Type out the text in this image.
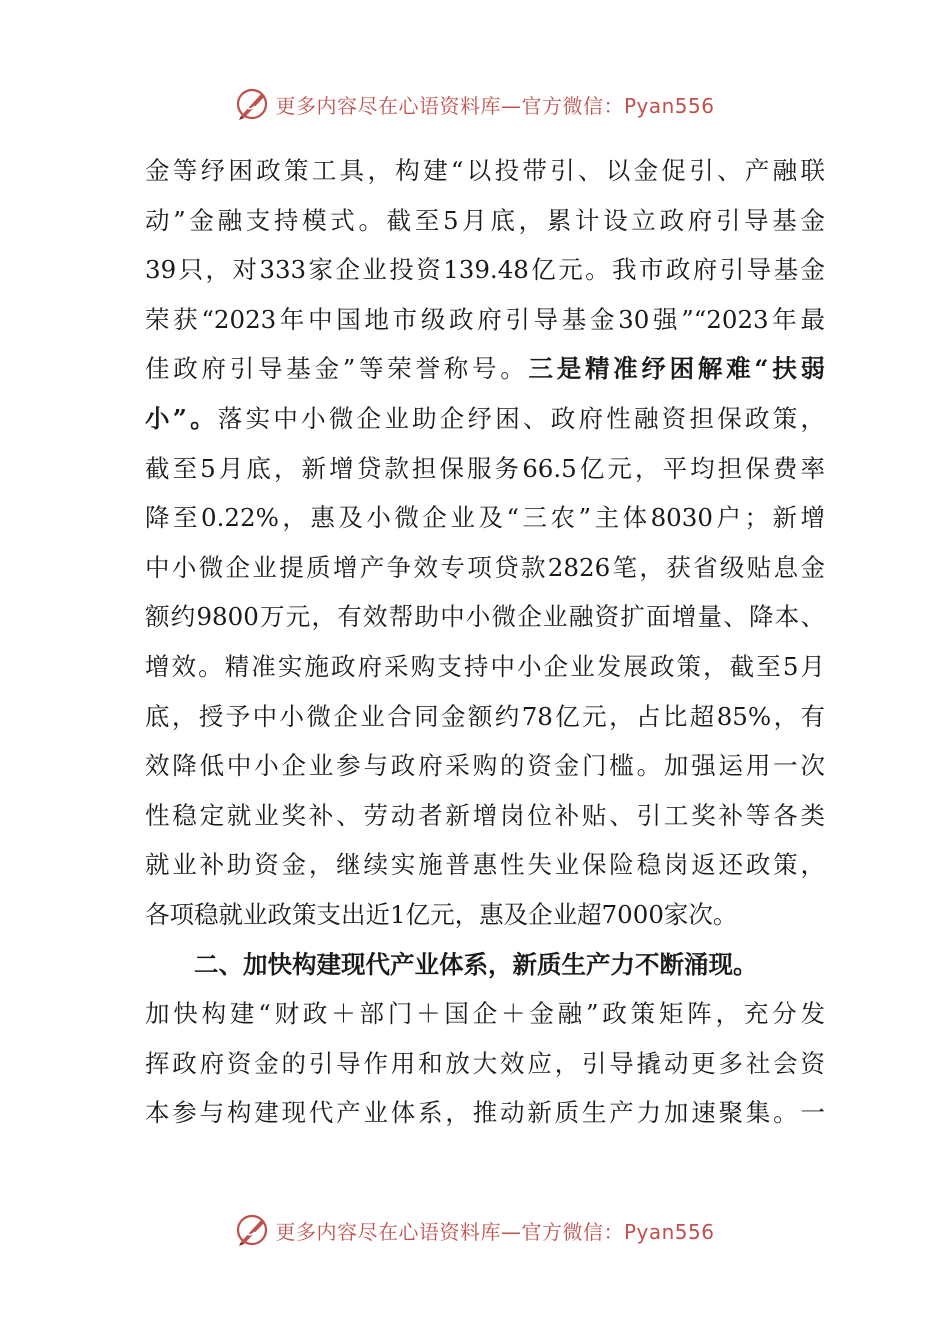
更多内容尽在心语资料库—官方微信：Pyan556
金等纾困政策工具，构建“以投带引、以金促引、产融联
动”金融支持模式。截至5月底，累计设立政府引导基金
39只，对333家企业投资139.48亿元。我市政府引导基金
荣获“2023年中国地市级政府引导基金30强”“2023年最
佳政府引导基金”等荣誉称号。三是精准纾困解难“扶弱
小”。落实中小微企业助企纾困、政府性融资担保政策，
截至5月底，新增贷款担保服务66.5亿元，平均担保费率
降至0.22%，惠及小微企业及“三农”主体8030户；新增
中小微企业提质增产争效专项贷款2826笔，获省级贴息金
额约9800万元，有效帮助中小微企业融资扩面增量、降本、
增效。精准实施政府采购支持中小企业发展政策，截至5月
底，授予中小微企业合同金额约78亿元，占比超85%，有
效降低中小企业参与政府采购的资金门槛。加强运用一次
性稳定就业奖补、劳动者新增岗位补贴、引工奖补等各类
就业补助资金，继续实施普惠性失业保险稳岗返还政策，
各项稳就业政策支出近1亿元，惠及企业超7000家次。
二、加快构建现代产业体系，新质生产力不断涌现。
加快构建“财政＋部门＋国企＋金融”政策矩阵，充分发
挥政府资金的引导作用和放大效应，引导撬动更多社会资
本参与构建现代产业体系，推动新质生产力加速聚集。一
更多内容尽在心语资料库—官方微信：Pyan556
